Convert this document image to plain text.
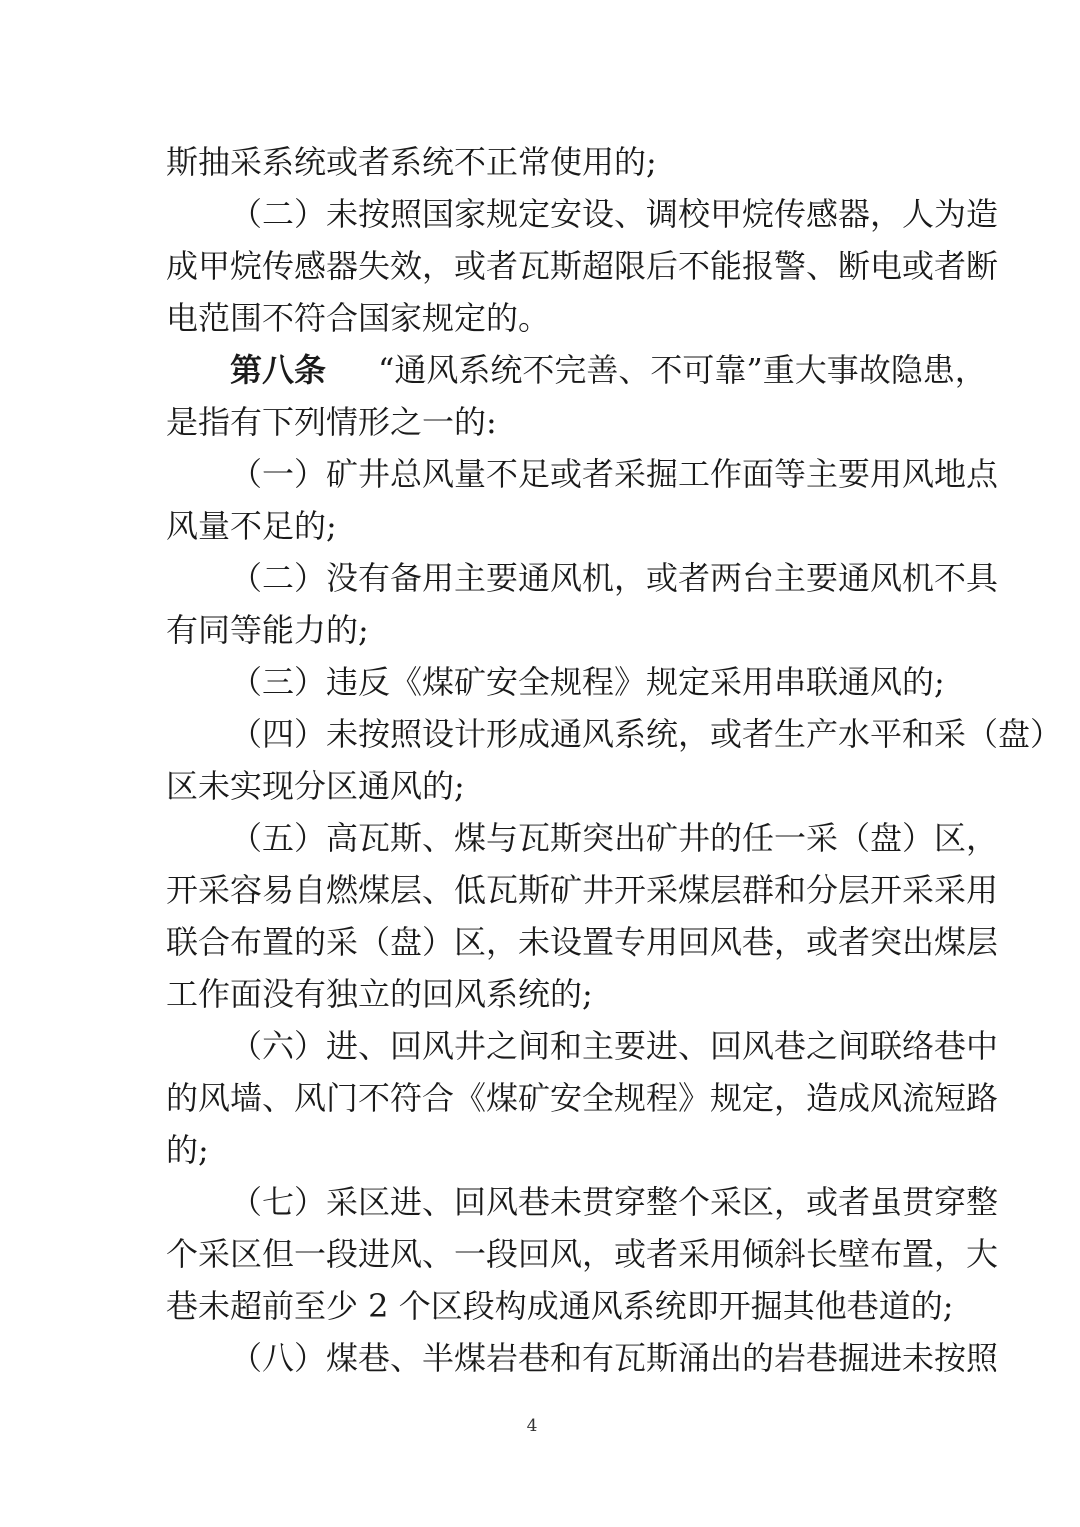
斯抽采系统或者系统不正常使用的;
（二）未按照国家规定安设、调校甲烷传感器，人为造
成甲烷传感器失效，或者瓦斯超限后不能报警、断电或者断
电范围不符合国家规定的。
第八条 “通风系统不完善、不可靠”重大事故隐患，
是指有下列情形之一的:
（一）矿井总风量不足或者采掘工作面等主要用风地点
风量不足的;
（二）没有备用主要通风机，或者两台主要通风机不具
有同等能力的;
（三）违反《煤矿安全规程》规定采用串联通风的;
（四）未按照设计形成通风系统，或者生产水平和采（盘）
区未实现分区通风的;
（五）高瓦斯、煤与瓦斯突出矿井的任一采（盘）区，
开采容易自燃煤层、低瓦斯矿井开采煤层群和分层开采采用
联合布置的采（盘）区，未设置专用回风巷，或者突出煤层
工作面没有独立的回风系统的;
（六）进、回风井之间和主要进、回风巷之间联络巷中
的风墙、风门不符合《煤矿安全规程》规定，造成风流短路
的;
（七）采区进、回风巷未贯穿整个采区，或者虽贯穿整
个采区但一段进风、一段回风，或者采用倾斜长壁布置，大
巷未超前至少 2 个区段构成通风系统即开掘其他巷道的;
（八）煤巷、半煤岩巷和有瓦斯涌出的岩巷掘进未按照
4
大数跨境
